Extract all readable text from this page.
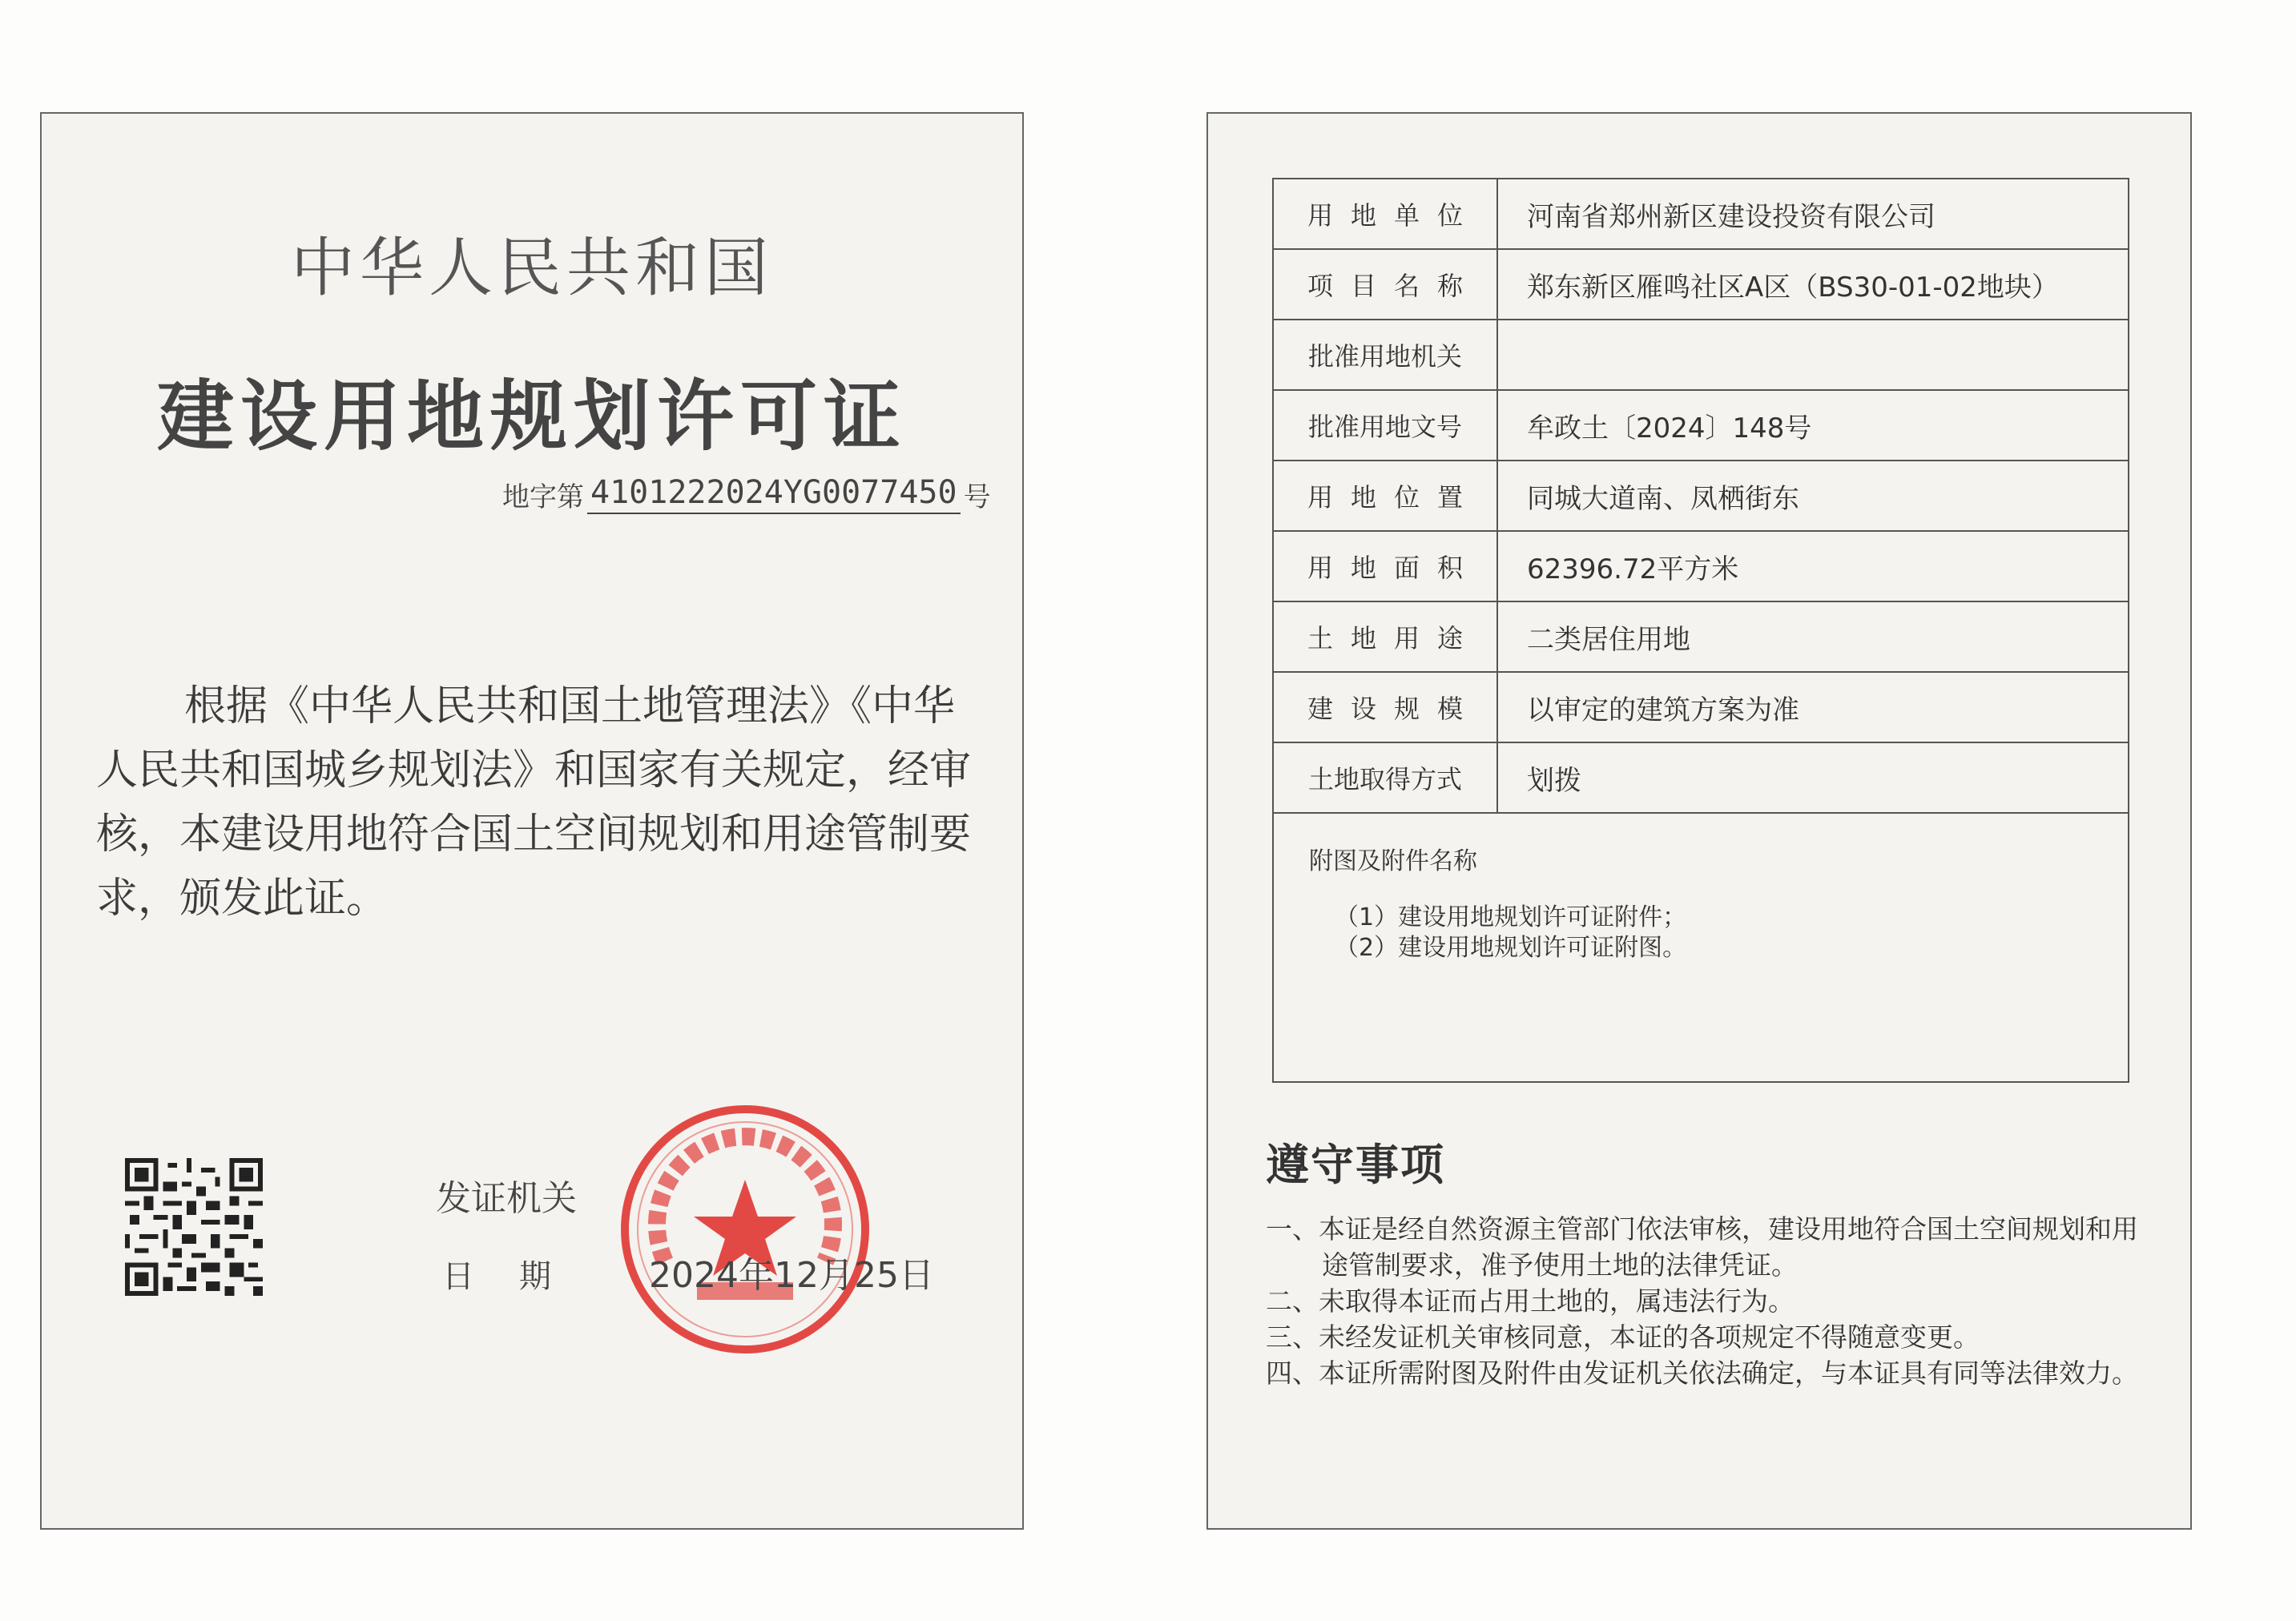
中华人民共和国
建设用地规划许可证
地字第 4101222024YG0077450 号
根据《中华人民共和国土地管理法》《中华人民共和国城乡规划法》和国家有关规定，经审核，本建设用地符合国土空间规划和用途管制要求，颁发此证。
发证机关
日期 2024年12月25日
用地单位	河南省郑州新区建设投资有限公司
项目名称	郑东新区雁鸣社区A区（BS30-01-02地块）
批准用地机关
批准用地文号	牟政土〔2024〕148号
用地位置	同城大道南、凤栖街东
用地面积	62396.72平方米
土地用途	二类居住用地
建设规模	以审定的建筑方案为准
土地取得方式	划拨
附图及附件名称
（1）建设用地规划许可证附件；
（2）建设用地规划许可证附图。
遵守事项
一、本证是经自然资源主管部门依法审核，建设用地符合国土空间规划和用途管制要求，准予使用土地的法律凭证。
二、未取得本证而占用土地的，属违法行为。
三、未经发证机关审核同意，本证的各项规定不得随意变更。
四、本证所需附图及附件由发证机关依法确定，与本证具有同等法律效力。
